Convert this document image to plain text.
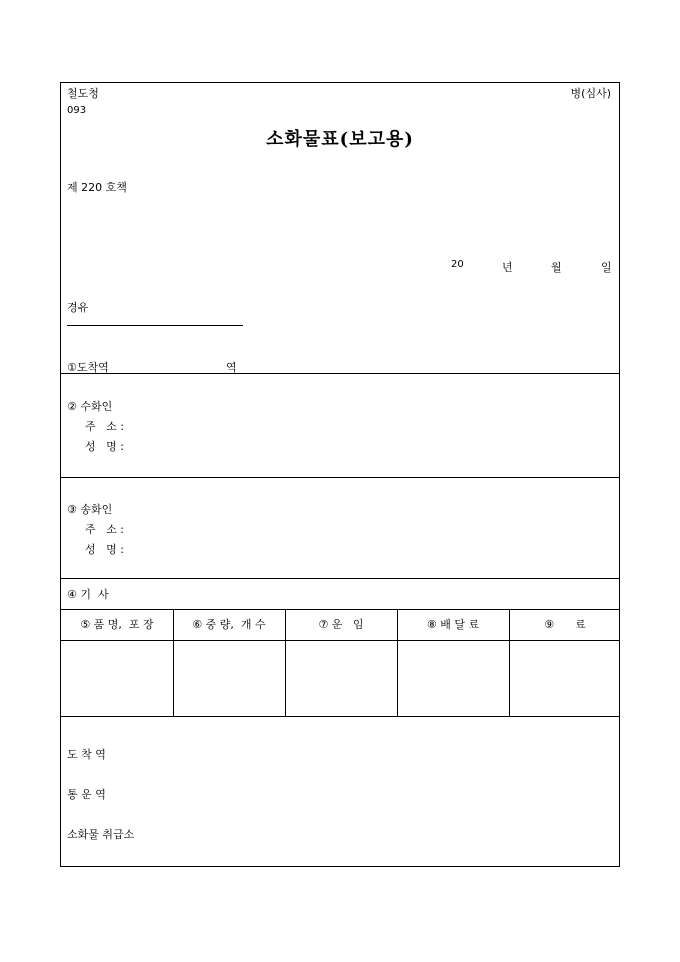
철도청	병(심사)
093
소화물표(보고용)
제 220 호책
20	년	월	일
경유
①도착역	역
② 수화인
주   소 :
성   명 :
③ 송화인
주   소 :
성   명 :
④ 기  사
⑤ 품 명,  포 장	⑥ 중 량,  개 수	⑦ 운   임	⑧ 배 달 료	⑨      료
도 착 역
통 운 역
소화물 취급소
